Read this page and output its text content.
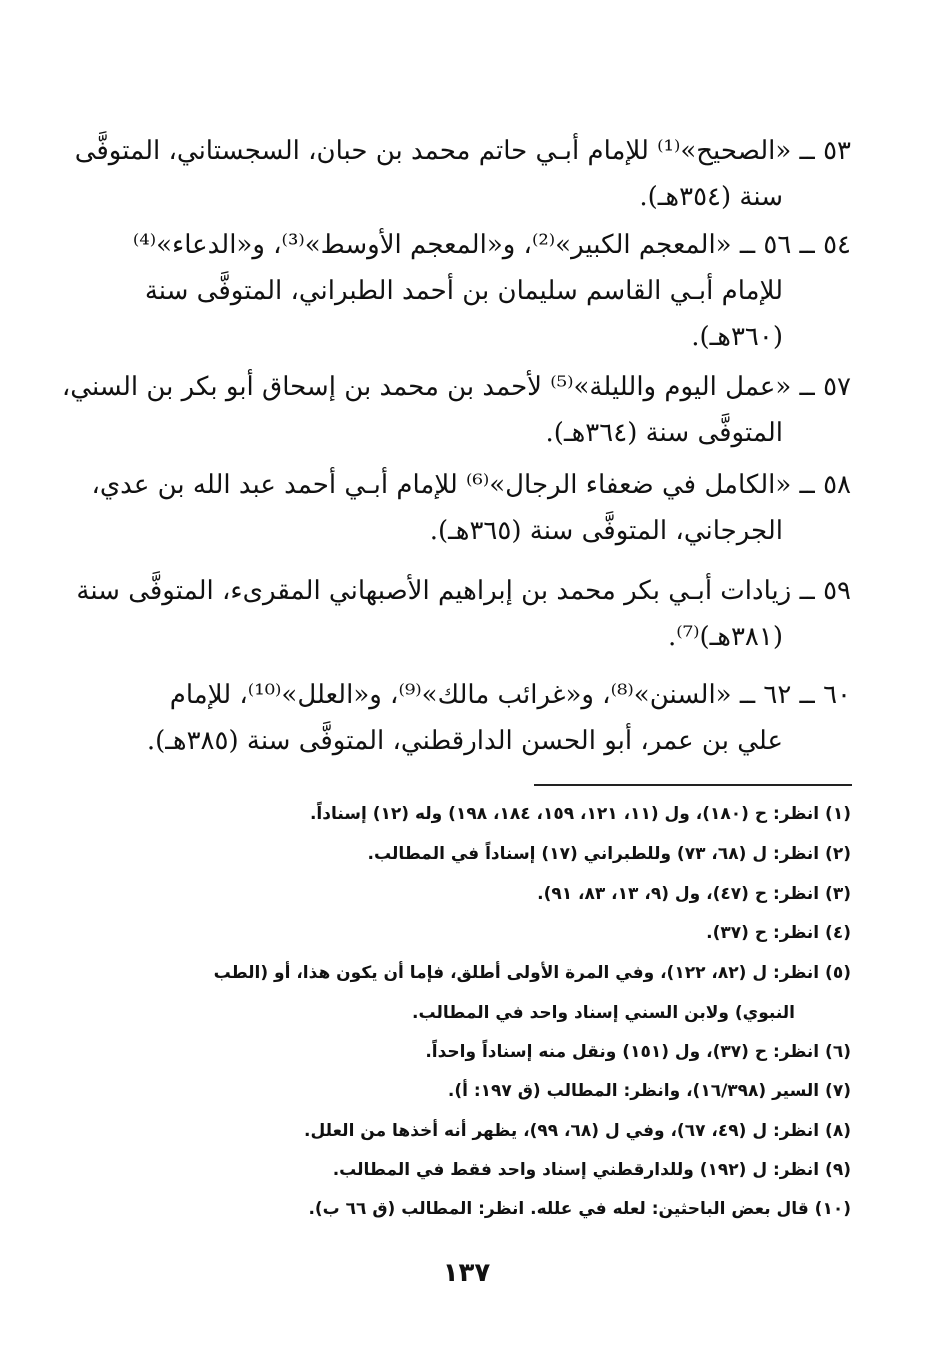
٥٣ ــ «الصحيح»⁽¹⁾ للإمام أبـي حاتم محمد بن حبان، السجستاني، المتوفَّى
سنة (٣٥٤هـ).
٥٤ ــ ٥٦ ــ «المعجم الكبير»⁽²⁾، و«المعجم الأوسط»⁽³⁾، و«الدعاء»⁽⁴⁾
للإمام أبـي القاسم سليمان بن أحمد الطبراني، المتوفَّى سنة
(٣٦٠هـ).
٥٧ ــ «عمل اليوم والليلة»⁽⁵⁾ لأحمد بن محمد بن إسحاق أبو بكر بن السني،
المتوفَّى سنة (٣٦٤هـ).
٥٨ ــ «الكامل في ضعفاء الرجال»⁽⁶⁾ للإمام أبـي أحمد عبد الله بن عدي،
الجرجاني، المتوفَّى سنة (٣٦٥هـ).
٥٩ ــ زيادات أبـي بكر محمد بن إبراهيم الأصبهاني المقرىء، المتوفَّى سنة
(٣٨١هـ)⁽⁷⁾.
٦٠ ــ ٦٢ ــ «السنن»⁽⁸⁾، و«غرائب مالك»⁽⁹⁾، و«العلل»⁽¹⁰⁾، للإمام
علي بن عمر، أبو الحسن الدارقطني، المتوفَّى سنة (٣٨٥هـ).
(١) انظر: ح (١٨٠)، ول (١١، ١٢١، ١٥٩، ١٨٤، ١٩٨) وله (١٢) إسناداً.
(٢) انظر: ل (٦٨، ٧٣) وللطبراني (١٧) إسناداً في المطالب.
(٣) انظر: ح (٤٧)، ول (٩، ١٣، ٨٣، ٩١).
(٤) انظر: ح (٣٧).
(٥) انظر: ل (٨٢، ١٢٢)، وفي المرة الأولى أطلق، فإما أن يكون هذا، أو (الطب
النبوي) ولابن السني إسناد واحد في المطالب.
(٦) انظر: ح (٣٧)، ول (١٥١) ونقل منه إسناداً واحداً.
(٧) السير (١٦/٣٩٨)، وانظر: المطالب (ق ١٩٧: أ).
(٨) انظر: ل (٤٩، ٦٧)، وفي ل (٦٨، ٩٩)، يظهر أنه أخذها من العلل.
(٩) انظر: ل (١٩٢) وللدارقطني إسناد واحد فقط في المطالب.
(١٠) قال بعض الباحثين: لعله في علله. انظر: المطالب (ق ٦٦ ب).
١٣٧
